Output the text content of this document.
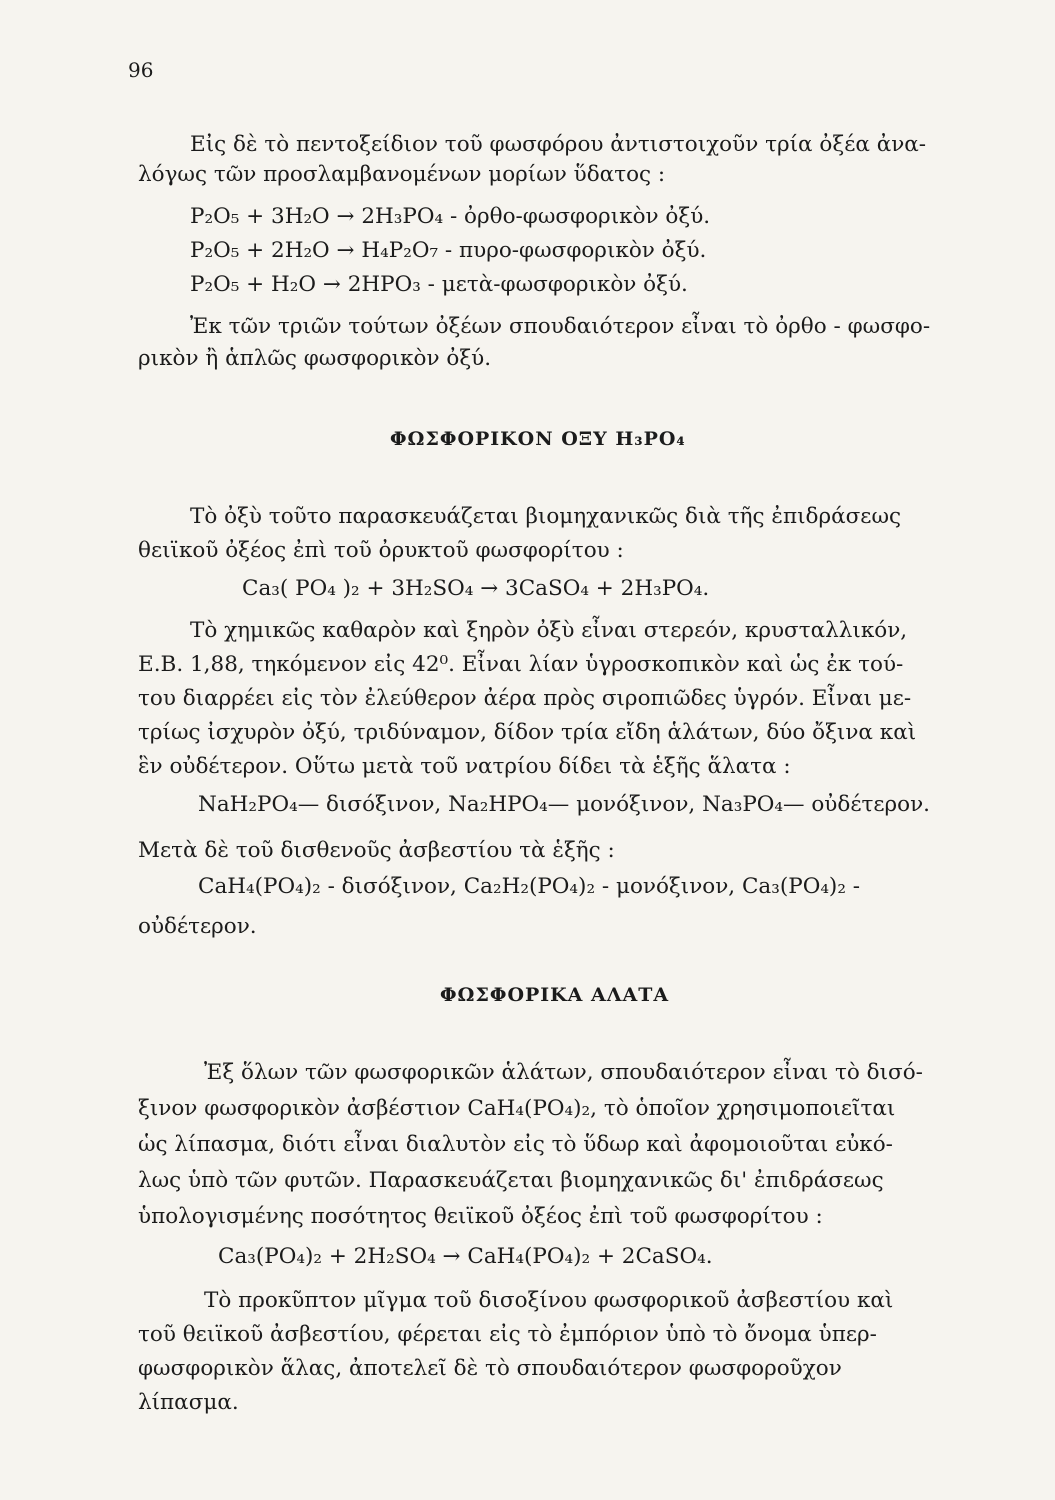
96
Εἰς δὲ τὸ πεντοξείδιον τοῦ φωσφόρου ἀντιστοιχοῦν τρία ὀξέα ἀνα-
λόγως τῶν προσλαμβανομένων μορίων ὕδατος :
P₂O₅ + 3H₂O → 2H₃PO₄ - ὀρθο-φωσφορικὸν ὀξύ.
P₂O₅ + 2H₂O → H₄P₂O₇ - πυρο-φωσφορικὸν ὀξύ.
P₂O₅ + H₂O → 2HPO₃ - μετὰ-φωσφορικὸν ὀξύ.
Ἐκ τῶν τριῶν τούτων ὀξέων σπουδαιότερον εἶναι τὸ ὀρθο - φωσφο-
ρικὸν ἢ ἁπλῶς φωσφορικὸν ὀξύ.
ΦΩΣΦΟΡΙΚΟΝ ΟΞΥ H₃PO₄
Τὸ ὀξὺ τοῦτο παρασκευάζεται βιομηχανικῶς διὰ τῆς ἐπιδράσεως
θειϊκοῦ ὀξέος ἐπὶ τοῦ ὀρυκτοῦ φωσφορίτου :
Ca₃( PO₄ )₂ + 3H₂SO₄ → 3CaSO₄ + 2H₃PO₄.
Τὸ χημικῶς καθαρὸν καὶ ξηρὸν ὀξὺ εἶναι στερεόν, κρυσταλλικόν,
E.B. 1,88, τηκόμενον εἰς 42⁰. Εἶναι λίαν ὑγροσκοπικὸν καὶ ὡς ἐκ τού-
του διαρρέει εἰς τὸν ἐλεύθερον ἀέρα πρὸς σιροπιῶδες ὑγρόν. Εἶναι με-
τρίως ἰσχυρὸν ὀξύ, τριδύναμον, δίδον τρία εἴδη ἁλάτων, δύο ὄξινα καὶ
ἓν οὐδέτερον. Οὕτω μετὰ τοῦ νατρίου δίδει τὰ ἑξῆς ἅλατα :
NaH₂PO₄— δισόξινον, Na₂HPO₄— μονόξινον, Na₃PO₄— οὐδέτερον.
Μετὰ δὲ τοῦ δισθενοῦς ἀσβεστίου τὰ ἑξῆς :
CaH₄(PO₄)₂ - δισόξινον, Ca₂H₂(PO₄)₂ - μονόξινον, Ca₃(PO₄)₂ -
οὐδέτερον.
ΦΩΣΦΟΡΙΚΑ ΑΛΑΤΑ
Ἐξ ὅλων τῶν φωσφορικῶν ἁλάτων, σπουδαιότερον εἶναι τὸ δισό-
ξινον φωσφορικὸν ἀσβέστιον CaH₄(PO₄)₂, τὸ ὁποῖον χρησιμοποιεῖται
ὡς λίπασμα, διότι εἶναι διαλυτὸν εἰς τὸ ὕδωρ καὶ ἀφομοιοῦται εὐκό-
λως ὑπὸ τῶν φυτῶν. Παρασκευάζεται βιομηχανικῶς δι' ἐπιδράσεως
ὑπολογισμένης ποσότητος θειϊκοῦ ὀξέος ἐπὶ τοῦ φωσφορίτου :
Ca₃(PO₄)₂ + 2H₂SO₄ → CaH₄(PO₄)₂ + 2CaSO₄.
Τὸ προκῦπτον μῖγμα τοῦ δισοξίνου φωσφορικοῦ ἀσβεστίου καὶ
τοῦ θειϊκοῦ ἀσβεστίου, φέρεται εἰς τὸ ἐμπόριον ὑπὸ τὸ ὄνομα ὑπερ-
φωσφορικὸν ἅλας, ἀποτελεῖ δὲ τὸ σπουδαιότερον φωσφοροῦχον
λίπασμα.
